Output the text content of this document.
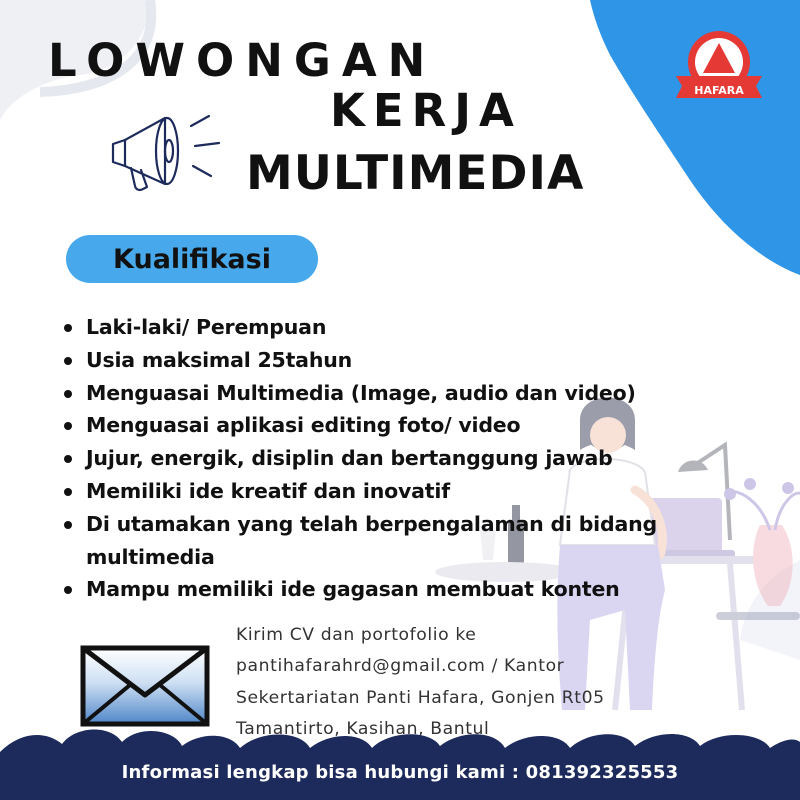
HAFARA
LOWONGAN
KERJA
MULTIMEDIA
Kualifikasi
Laki-laki/ Perempuan
Usia maksimal 25tahun
Menguasai Multimedia (Image, audio dan video)
Menguasai aplikasi editing foto/ video
Jujur, energik, disiplin dan bertanggung jawab
Memiliki ide kreatif dan inovatif
Di utamakan yang telah berpengalaman di bidang multimedia
Mampu memiliki ide gagasan membuat konten
Kirim CV dan portofolio ke
pantihafarahrd@gmail.com / Kantor
Sekertariatan Panti Hafara, Gonjen Rt05
Tamantirto, Kasihan, Bantul
Informasi lengkap bisa hubungi kami : 081392325553
